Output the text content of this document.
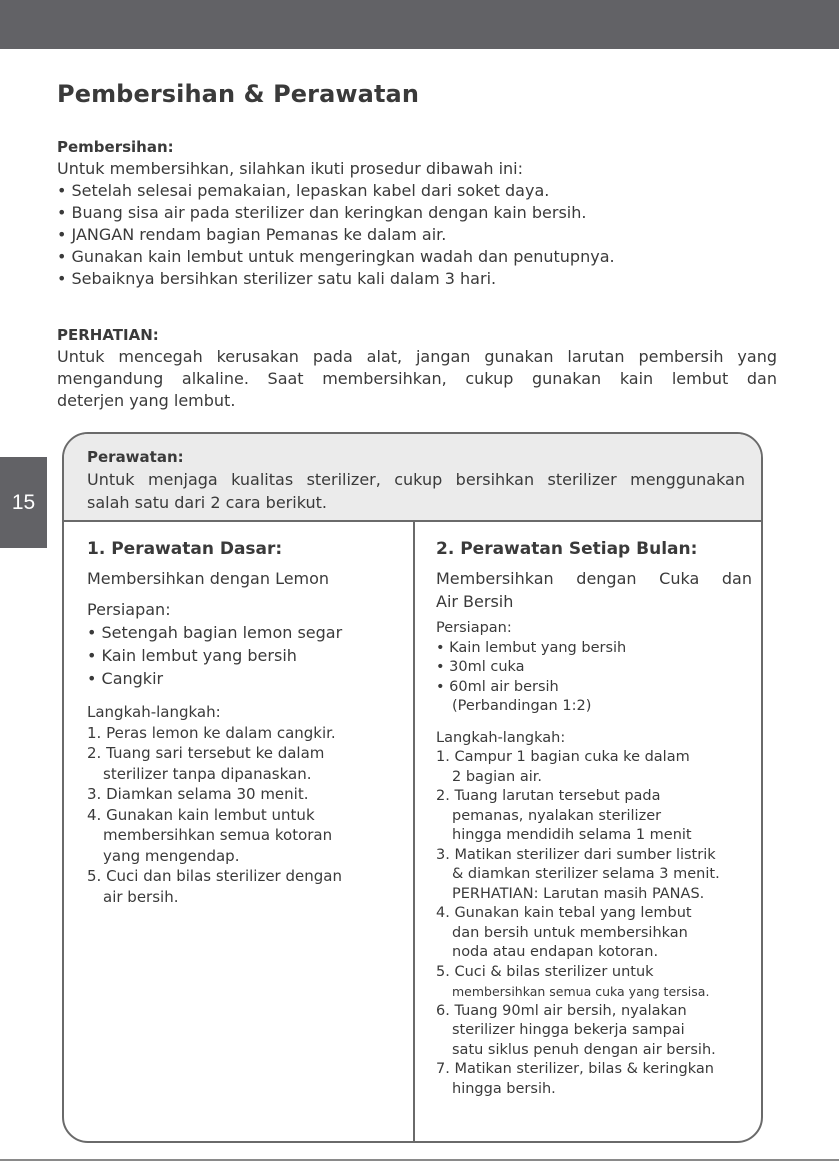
15
Pembersihan & Perawatan
Pembersihan:
Untuk membersihkan, silahkan ikuti prosedur dibawah ini:
• Setelah selesai pemakaian, lepaskan kabel dari soket daya.
• Buang sisa air pada sterilizer dan keringkan dengan kain bersih.
• JANGAN rendam bagian Pemanas ke dalam air.
• Gunakan kain lembut untuk mengeringkan wadah dan penutupnya.
• Sebaiknya bersihkan sterilizer satu kali dalam 3 hari.
PERHATIAN:
Untuk mencegah kerusakan pada alat, jangan gunakan larutan pembersih yang
mengandung alkaline. Saat membersihkan, cukup gunakan kain lembut dan
deterjen yang lembut.
Perawatan:
Untuk menjaga kualitas sterilizer, cukup bersihkan sterilizer menggunakan
salah satu dari 2 cara berikut.
1. Perawatan Dasar:
Membersihkan dengan Lemon
Persiapan:
• Setengah bagian lemon segar
• Kain lembut yang bersih
• Cangkir
Langkah-langkah:
1. Peras lemon ke dalam cangkir.
2. Tuang sari tersebut ke dalam
sterilizer tanpa dipanaskan.
3. Diamkan selama 30 menit.
4. Gunakan kain lembut untuk
membersihkan semua kotoran
yang mengendap.
5. Cuci dan bilas sterilizer dengan
air bersih.
2. Perawatan Setiap Bulan:
Membersihkan dengan Cuka dan
Air Bersih
Persiapan:
• Kain lembut yang bersih
• 30ml cuka
• 60ml air bersih
(Perbandingan 1:2)
Langkah-langkah:
1. Campur 1 bagian cuka ke dalam
2 bagian air.
2. Tuang larutan tersebut pada
pemanas, nyalakan sterilizer
hingga mendidih selama 1 menit
3. Matikan sterilizer dari sumber listrik
& diamkan sterilizer selama 3 menit.
PERHATIAN: Larutan masih PANAS.
4. Gunakan kain tebal yang lembut
dan bersih untuk membersihkan
noda atau endapan kotoran.
5. Cuci & bilas sterilizer untuk
membersihkan semua cuka yang tersisa.
6. Tuang 90ml air bersih, nyalakan
sterilizer hingga bekerja sampai
satu siklus penuh dengan air bersih.
7. Matikan sterilizer, bilas & keringkan
hingga bersih.
